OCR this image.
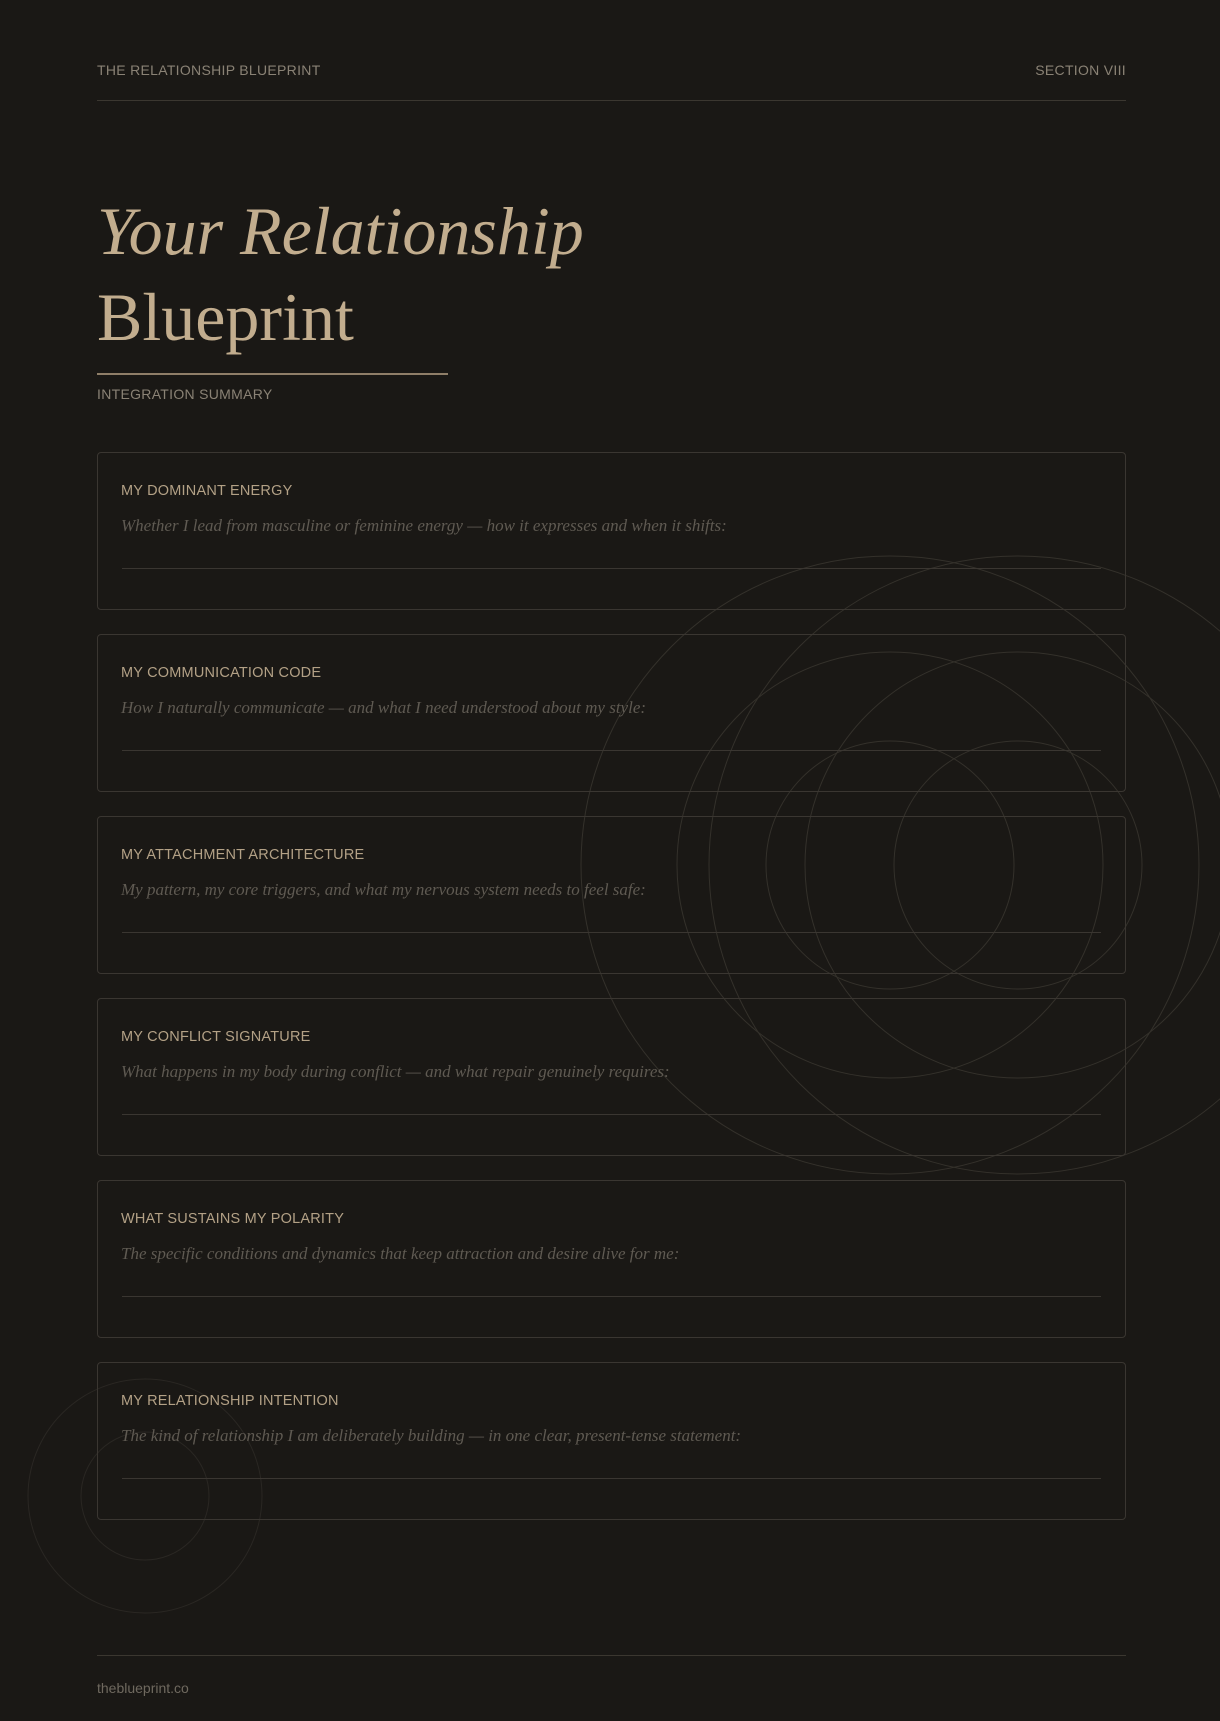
THE RELATIONSHIP BLUEPRINT	SECTION VIII
Your Relationship
Blueprint
INTEGRATION SUMMARY
MY DOMINANT ENERGY
Whether I lead from masculine or feminine energy — how it expresses and when it shifts:
MY COMMUNICATION CODE
How I naturally communicate — and what I need understood about my style:
MY ATTACHMENT ARCHITECTURE
My pattern, my core triggers, and what my nervous system needs to feel safe:
MY CONFLICT SIGNATURE
What happens in my body during conflict — and what repair genuinely requires:
WHAT SUSTAINS MY POLARITY
The specific conditions and dynamics that keep attraction and desire alive for me:
MY RELATIONSHIP INTENTION
The kind of relationship I am deliberately building — in one clear, present-tense statement:
theblueprint.co
